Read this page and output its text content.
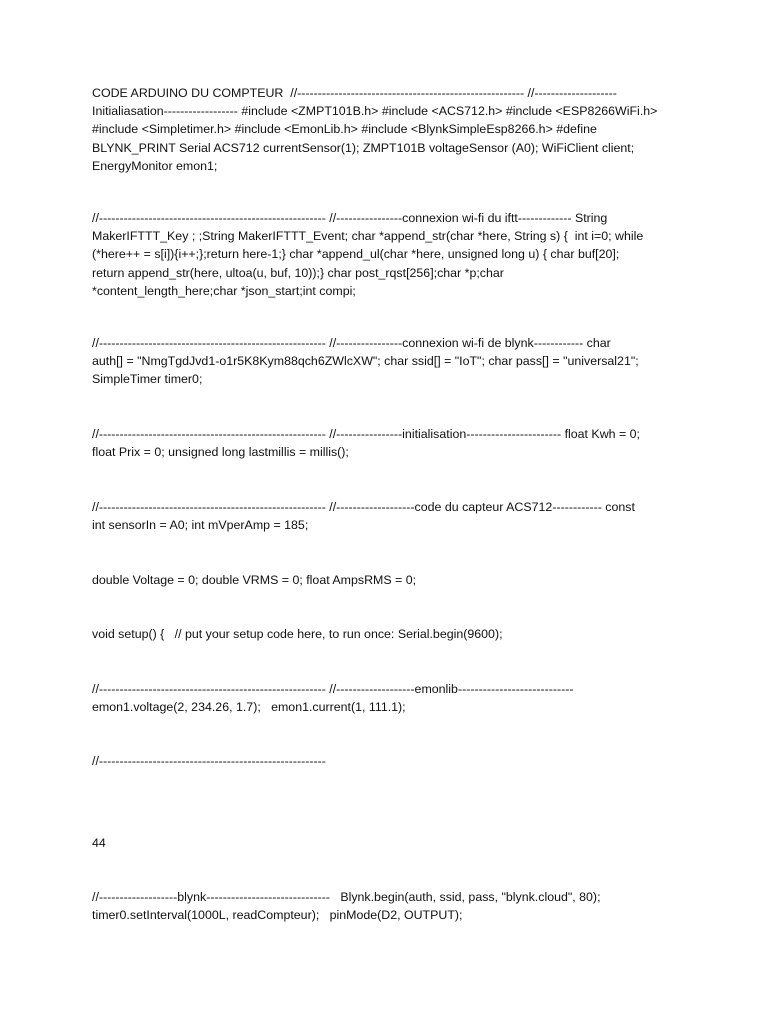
CODE ARDUINO DU COMPTEUR  //------------------------------------------------------- //--------------------
Initialiasation------------------ #include <ZMPT101B.h> #include <ACS712.h> #include <ESP8266WiFi.h>
#include <Simpletimer.h> #include <EmonLib.h> #include <BlynkSimpleEsp8266.h> #define
BLYNK_PRINT Serial ACS712 currentSensor(1); ZMPT101B voltageSensor (A0); WiFiClient client;
EnergyMonitor emon1;

//------------------------------------------------------- //----------------connexion wi-fi du iftt------------- String
MakerIFTTT_Key ; ;String MakerIFTTT_Event; char *append_str(char *here, String s) {  int i=0; while
(*here++ = s[i]){i++;};return here-1;} char *append_ul(char *here, unsigned long u) { char buf[20];
return append_str(here, ultoa(u, buf, 10));} char post_rqst[256];char *p;char
*content_length_here;char *json_start;int compi;

//------------------------------------------------------- //----------------connexion wi-fi de blynk------------ char
auth[] = "NmgTgdJvd1-o1r5K8Kym88qch6ZWlcXW"; char ssid[] = "IoT"; char pass[] = "universal21";
SimpleTimer timer0;

//------------------------------------------------------- //----------------initialisation----------------------- float Kwh = 0;
float Prix = 0; unsigned long lastmillis = millis();

//------------------------------------------------------- //-------------------code du capteur ACS712------------ const
int sensorIn = A0; int mVperAmp = 185;

double Voltage = 0; double VRMS = 0; float AmpsRMS = 0;

void setup() {   // put your setup code here, to run once: Serial.begin(9600);

//------------------------------------------------------- //-------------------emonlib----------------------------
emon1.voltage(2, 234.26, 1.7);   emon1.current(1, 111.1);

//-------------------------------------------------------

44

//-------------------blynk------------------------------   Blynk.begin(auth, ssid, pass, "blynk.cloud", 80);
timer0.setInterval(1000L, readCompteur);   pinMode(D2, OUTPUT);
